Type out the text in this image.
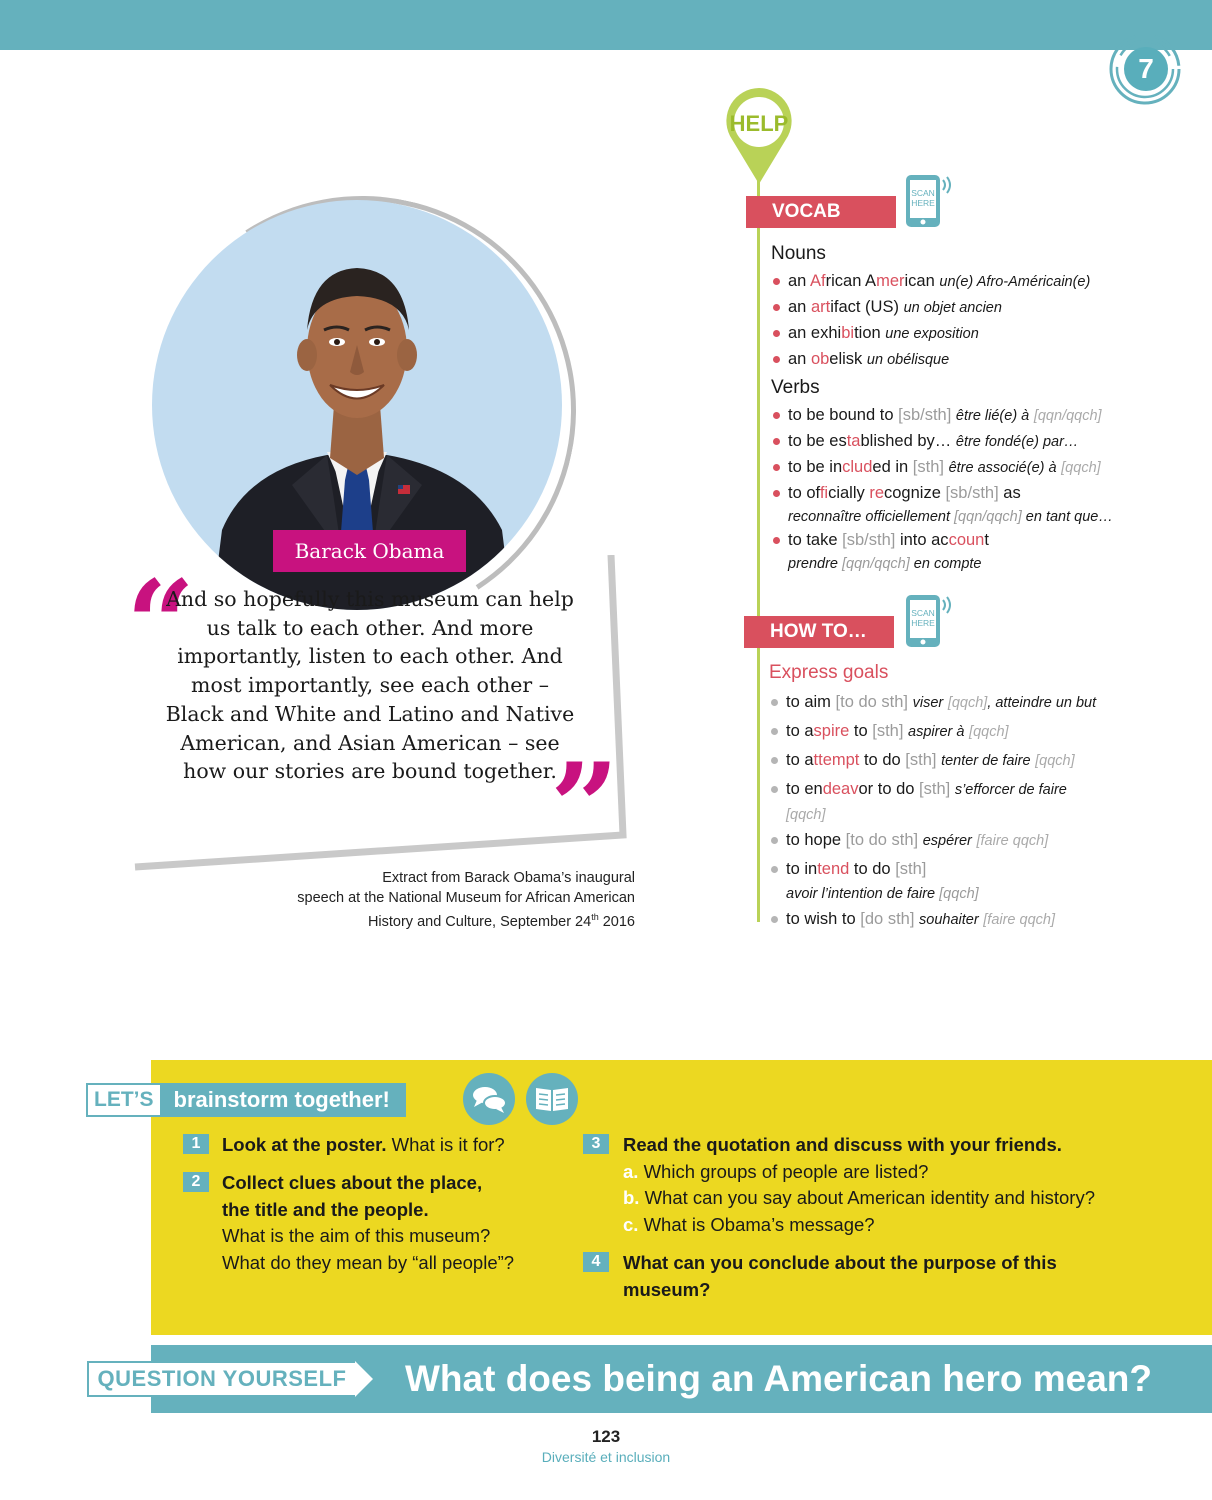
7
Barack Obama
“
And so hopefully this museum can help us talk to each other. And more importantly, listen to each other. And most importantly, see each other – Black and White and Latino and Native American, and Asian American – see how our stories are bound together.
”
Extract from Barack Obama’s inaugural
speech at the National Museum for African American
History and Culture, September 24th 2016
HELP
VOCAB
SCAN
HERE
Nouns
an African American un(e) Afro-Américain(e)
an artifact (US) un objet ancien
an exhibition une exposition
an obelisk un obélisque
Verbs
to be bound to [sb/sth] être lié(e) à [qqn/qqch]
to be established by… être fondé(e) par…
to be included in [sth] être associé(e) à [qqch]
to officially recognize [sb/sth] as
reconnaître officiellement [qqn/qqch] en tant que…
to take [sb/sth] into account
prendre [qqn/qqch] en compte
HOW TO…
SCAN
HERE
Express goals
to aim [to do sth] viser [qqch], atteindre un but
to aspire to [sth] aspirer à [qqch]
to attempt to do [sth] tenter de faire [qqch]
to endeavor to do [sth] s’efforcer de faire
[qqch]
to hope [to do sth] espérer [faire qqch]
to intend to do [sth]
avoir l’intention de faire [qqch]
to wish to [do sth] souhaiter [faire qqch]
LET’S brainstorm together!
1	Look at the poster. What is it for?
2	Collect clues about the place,
the title and the people.
What is the aim of this museum?
What do they mean by “all people”?
3	Read the quotation and discuss with your friends.
a. Which groups of people are listed?
b. What can you say about American identity and history?
c. What is Obama’s message?
4	What can you conclude about the purpose of this
museum?
QUESTION YOURSELF What does being an American hero mean?
123
Diversité et inclusion
